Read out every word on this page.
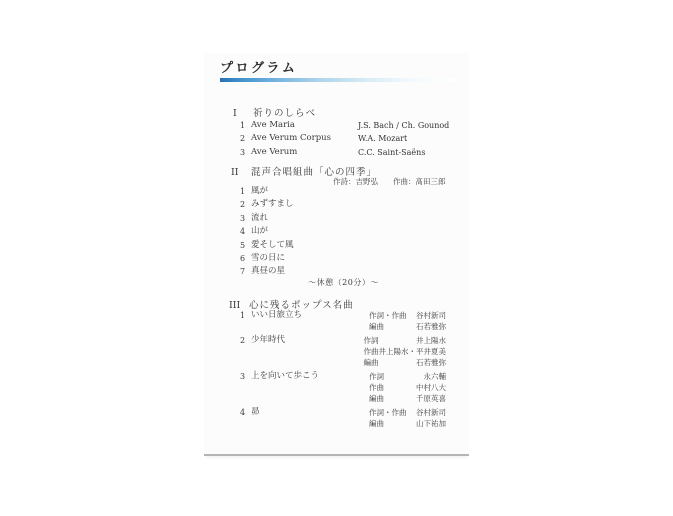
プログラム
I 祈りのしらべ
1 Ave Maria	J.S. Bach / Ch. Gounod
2 Ave Verum Corpus	W.A. Mozart
3 Ave Verum	C.C. Saint-Saëns
II 混声合唱組曲「心の四季」
作詩：吉野弘　　作曲：髙田三郎
1 風が
2 みずすまし
3 流れ
4 山が
5 愛そして風
6 雪の日に
7 真昼の星
〜休憩（20分）〜
III 心に残るポップス名曲
1 いい日旅立ち	作詞・作曲 谷村新司
編曲	石若雅弥
2 少年時代	作詞	井上陽水
作曲 井上陽水・平井夏美
編曲	石若雅弥
3 上を向いて歩こう	作詞	永六輔
作曲	中村八大
編曲	千原英喜
4 昴	作詞・作曲 谷村新司
編曲	山下祐加
